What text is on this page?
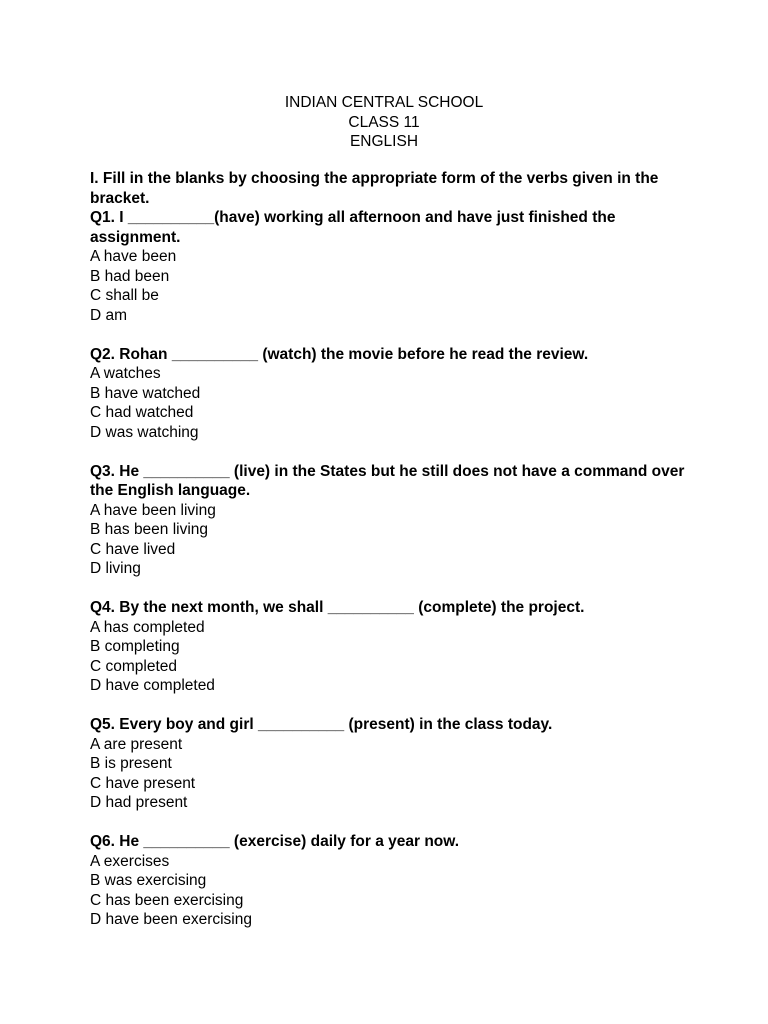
INDIAN CENTRAL SCHOOL
CLASS 11
ENGLISH
I. Fill in the blanks by choosing the appropriate form of the verbs given in the bracket.
Q1. I __________(have) working all afternoon and have just finished the assignment.
A have been
B had been
C shall be
D am
Q2. Rohan __________ (watch) the movie before he read the review.
A watches
B have watched
C had watched
D was watching
Q3. He __________ (live) in the States but he still does not have a command over the English language.
A have been living
B has been living
C have lived
D living
Q4. By the next month, we shall __________ (complete) the project.
A has completed
B completing
C completed
D have completed
Q5. Every boy and girl __________ (present) in the class today.
A are present
B is present
C have present
D had present
Q6. He __________ (exercise) daily for a year now.
A exercises
B was exercising
C has been exercising
D have been exercising
